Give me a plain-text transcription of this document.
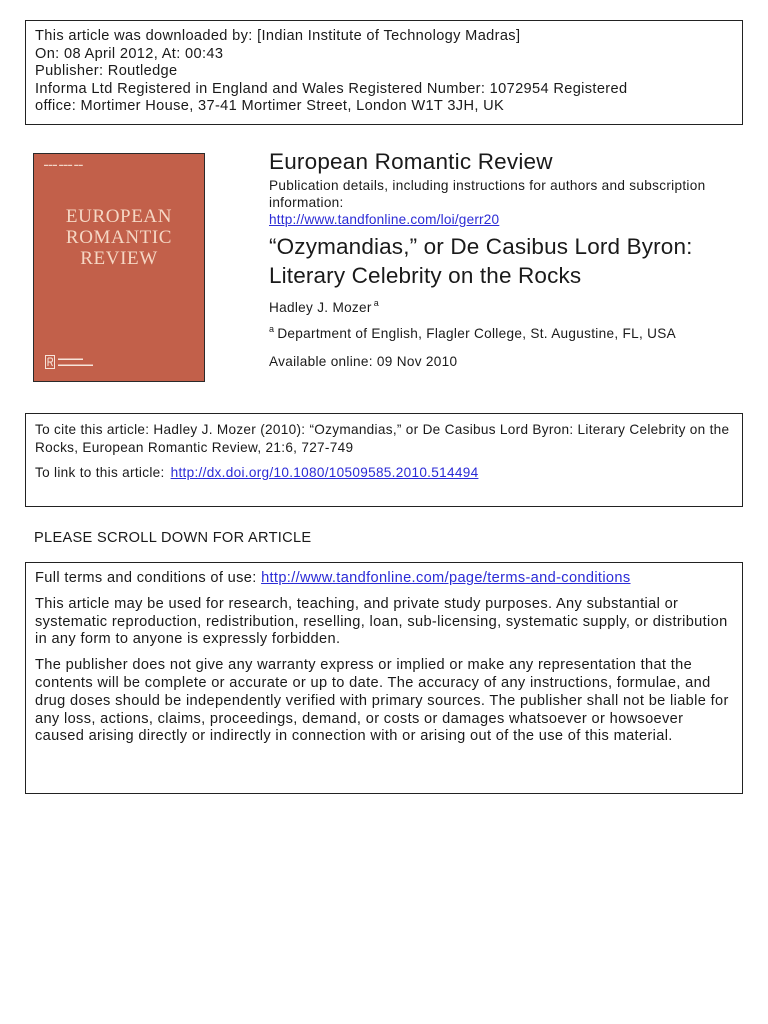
This article was downloaded by: [Indian Institute of Technology Madras]
On: 08 April 2012, At: 00:43
Publisher: Routledge
Informa Ltd Registered in England and Wales Registered Number: 1072954 Registered
office: Mortimer House, 37-41 Mortimer Street, London W1T 3JH, UK
▬▬▬ ▬▬▬ ▬▬
EUROPEAN
ROMANTIC
REVIEW
▬▬▬▬▬
▬▬▬▬▬▬▬
European Romantic Review
Publication details, including instructions for authors and subscription information:
http://www.tandfonline.com/loi/gerr20
“Ozymandias,” or De Casibus Lord Byron: Literary Celebrity on the Rocks
Hadley J. Mozer $^a$
$^a$ Department of English, Flagler College, St. Augustine, FL, USA
Available online: 09 Nov 2010
To cite this article: Hadley J. Mozer (2010): “Ozymandias,” or De Casibus Lord Byron: Literary Celebrity on the Rocks, European Romantic Review, 21:6, 727-749
To link to this article: http://dx.doi.org/10.1080/10509585.2010.514494
PLEASE SCROLL DOWN FOR ARTICLE

Full terms and conditions of use: http://www.tandfonline.com/page/terms-and-conditions

This article may be used for research, teaching, and private study purposes. Any substantial or systematic reproduction, redistribution, reselling, loan, sub-licensing, systematic supply, or distribution in any form to anyone is expressly forbidden.

The publisher does not give any warranty express or implied or make any representation that the contents will be complete or accurate or up to date. The accuracy of any instructions, formulae, and drug doses should be independently verified with primary sources. The publisher shall not be liable for any loss, actions, claims, proceedings, demand, or costs or damages whatsoever or howsoever caused arising directly or indirectly in connection with or arising out of the use of this material.
